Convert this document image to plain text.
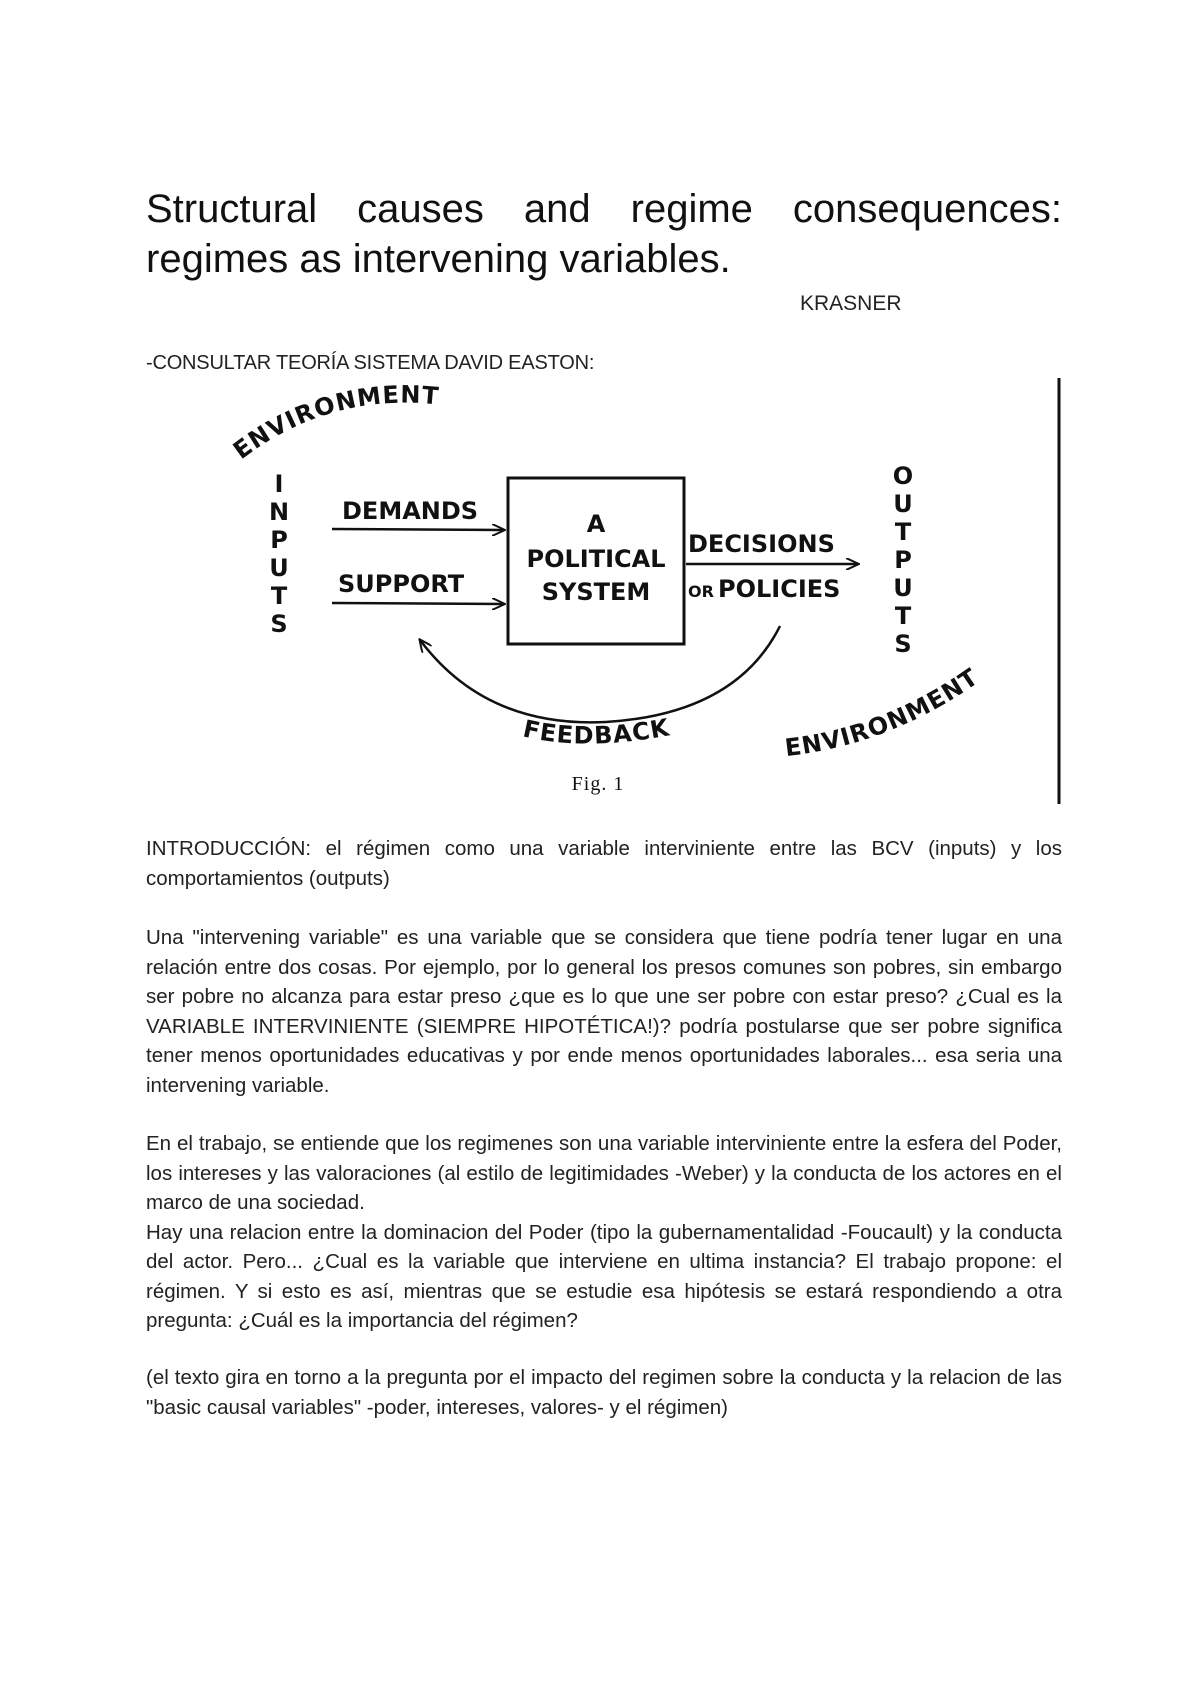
Structural causes and regime consequences: regimes as intervening variables.
KRASNER
-CONSULTAR TEORÍA SISTEMA DAVID EASTON:
ENVIRONMENT
I
N
P
U
T
S
DEMANDS
SUPPORT
A
POLITICAL
SYSTEM
DECISIONS
OR POLICIES
O
U
T
P
U
T
S
FEEDBACK
ENVIRONMENT
Fig. 1

INTRODUCCIÓN: el régimen como una variable interviniente entre las BCV (inputs) y los comportamientos (outputs)

Una "intervening variable" es una variable que se considera que tiene podría tener lugar en una relación entre dos cosas. Por ejemplo, por lo general los presos comunes son pobres, sin embargo ser pobre no alcanza para estar preso ¿que es lo que une ser pobre con estar preso? ¿Cual es la VARIABLE INTERVINIENTE (SIEMPRE HIPOTÉTICA!)? podría postularse que ser pobre significa tener menos oportunidades educativas y por ende menos oportunidades laborales... esa seria una intervening variable.

En el trabajo, se entiende que los regimenes son una variable interviniente entre la esfera del Poder, los intereses y las valoraciones (al estilo de legitimidades -Weber) y la conducta de los actores en el marco de una sociedad.

Hay una relacion entre la dominacion del Poder (tipo la gubernamentalidad -Foucault) y la conducta del actor. Pero... ¿Cual es la variable que interviene en ultima instancia? El trabajo propone: el régimen. Y si esto es así, mientras que se estudie esa hipótesis se estará respondiendo a otra pregunta: ¿Cuál es la importancia del régimen?

(el texto gira en torno a la pregunta por el impacto del regimen sobre la conducta y la relacion de las "basic causal variables" -poder, intereses, valores- y el régimen)
